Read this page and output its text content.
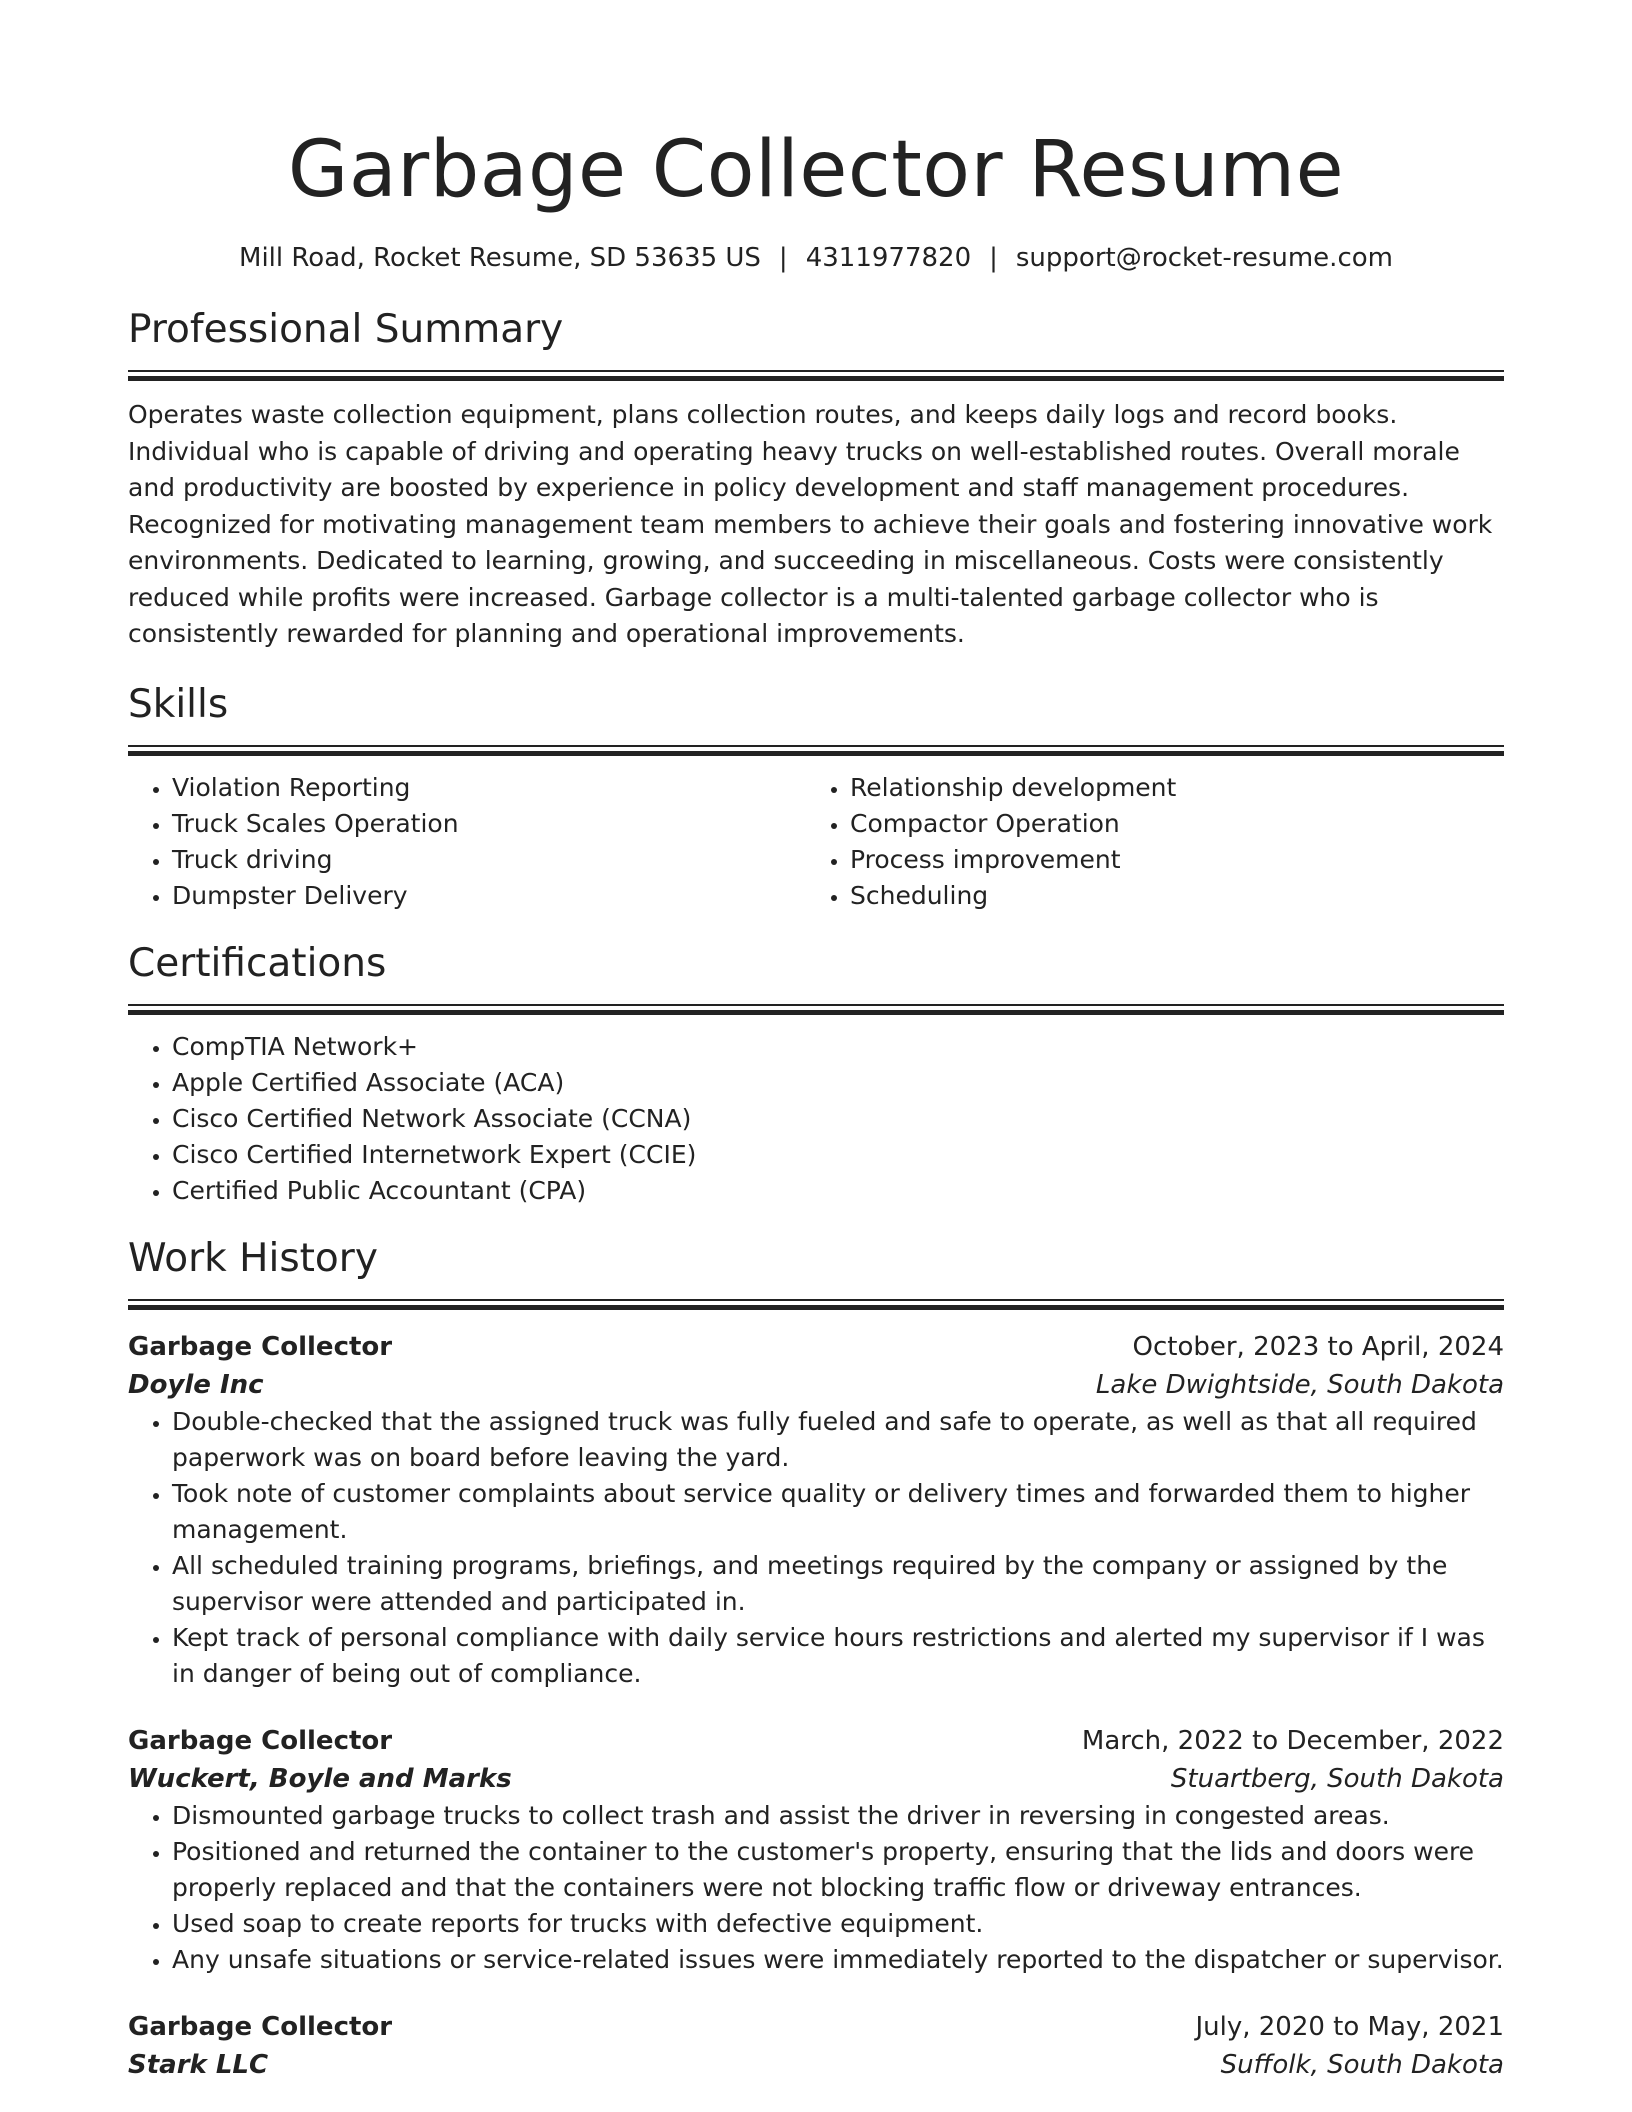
Garbage Collector Resume
Mill Road, Rocket Resume, SD 53635 US | 4311977820 | support@rocket-resume.com
Professional Summary

Operates waste collection equipment, plans collection routes, and keeps daily logs and record books. Individual who is capable of driving and operating heavy trucks on well-established routes. Overall morale and productivity are boosted by experience in policy development and staff management procedures. Recognized for motivating management team members to achieve their goals and fostering innovative work environments. Dedicated to learning, growing, and succeeding in miscellaneous. Costs were consistently reduced while profits were increased. Garbage collector is a multi-talented garbage collector who is consistently rewarded for planning and operational improvements.

Skills
• Violation Reporting
• Truck Scales Operation
• Truck driving
• Dumpster Delivery
• Relationship development
• Compactor Operation
• Process improvement
• Scheduling
Certifications
• CompTIA Network+
• Apple Certified Associate (ACA)
• Cisco Certified Network Associate (CCNA)
• Cisco Certified Internetwork Expert (CCIE)
• Certified Public Accountant (CPA)
Work History
Garbage Collector	October, 2023 to April, 2024
Doyle Inc	Lake Dwightside, South Dakota
• Double-checked that the assigned truck was fully fueled and safe to operate, as well as that all required paperwork was on board before leaving the yard.
• Took note of customer complaints about service quality or delivery times and forwarded them to higher management.
• All scheduled training programs, briefings, and meetings required by the company or assigned by the supervisor were attended and participated in.
• Kept track of personal compliance with daily service hours restrictions and alerted my supervisor if I was in danger of being out of compliance.
Garbage Collector	March, 2022 to December, 2022
Wuckert, Boyle and Marks	Stuartberg, South Dakota
• Dismounted garbage trucks to collect trash and assist the driver in reversing in congested areas.
• Positioned and returned the container to the customer's property, ensuring that the lids and doors were properly replaced and that the containers were not blocking traffic flow or driveway entrances.
• Used soap to create reports for trucks with defective equipment.
• Any unsafe situations or service-related issues were immediately reported to the dispatcher or supervisor.
Garbage Collector	July, 2020 to May, 2021
Stark LLC	Suffolk, South Dakota
